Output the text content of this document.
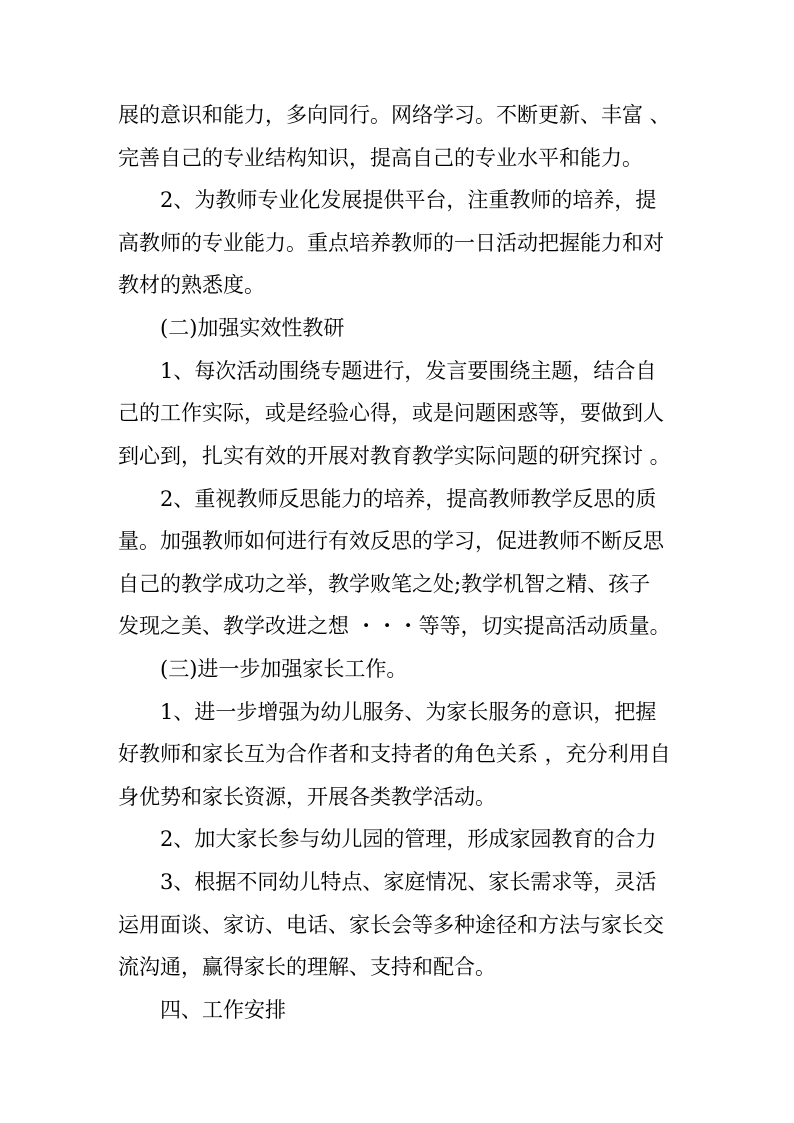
展的意识和能力，多向同行。网络学习。不断更新、丰富 、
完善自己的专业结构知识，提高自己的专业水平和能力。
2、为教师专业化发展提供平台，注重教师的培养，提
高教师的专业能力。重点培养教师的一日活动把握能力和对
教材的熟悉度。
(二)加强实效性教研
1、每次活动围绕专题进行，发言要围绕主题，结合自
己的工作实际，或是经验心得，或是问题困惑等，要做到人
到心到，扎实有效的开展对教育教学实际问题的研究探讨 。
2、重视教师反思能力的培养，提高教师教学反思的质
量。加强教师如何进行有效反思的学习，促进教师不断反思
自己的教学成功之举，教学败笔之处;教学机智之精、孩子
发现之美、教学改进之想 ・・・等等，切实提高活动质量。
(三)进一步加强家长工作。
1、进一步增强为幼儿服务、为家长服务的意识，把握
好教师和家长互为合作者和支持者的角色关系 ，充分利用自
身优势和家长资源，开展各类教学活动。
2、加大家长参与幼儿园的管理，形成家园教育的合力
3、根据不同幼儿特点、家庭情况、家长需求等，灵活
运用面谈、家访、电话、家长会等多种途径和方法与家长交
流沟通，赢得家长的理解、支持和配合。
四、工作安排
